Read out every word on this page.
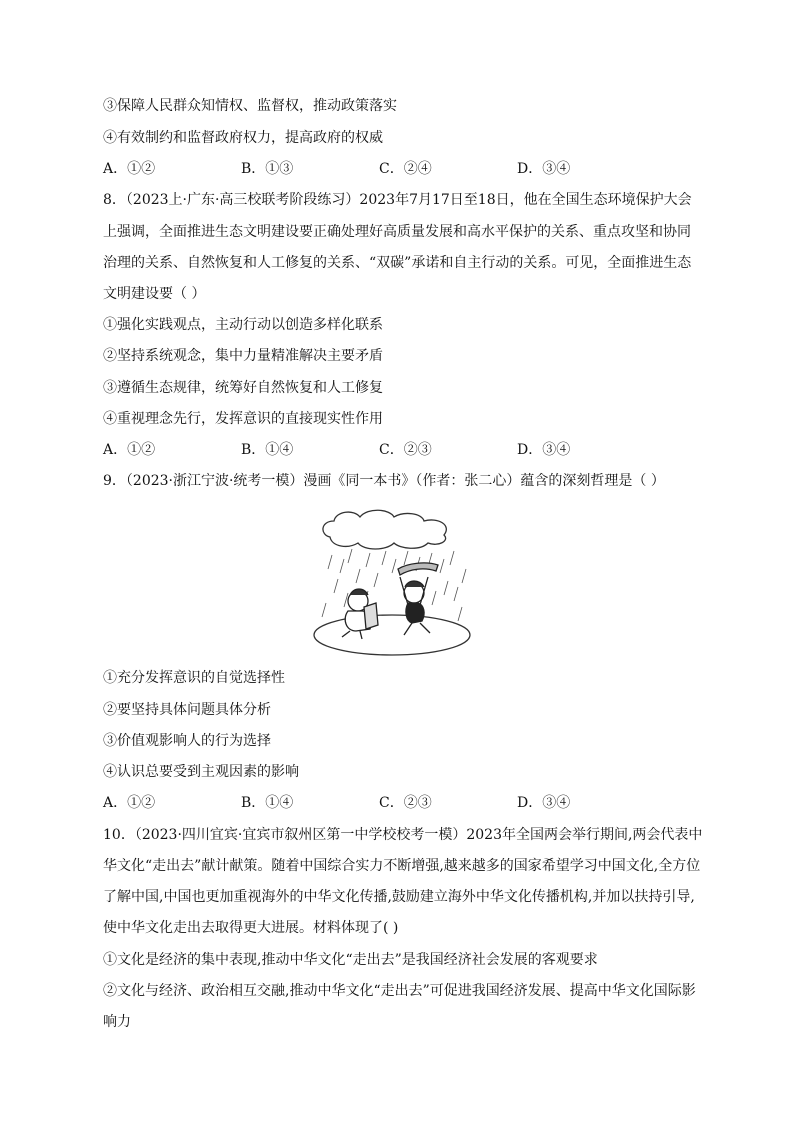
③保障人民群众知情权、监督权，推动政策落实
④有效制约和监督政府权力，提高政府的权威
A．①②	B．①③	C．②④	D．③④
8．（2023上·广东·高三校联考阶段练习）2023年7月17日至18日，他在全国生态环境保护大会
上强调，全面推进生态文明建设要正确处理好高质量发展和高水平保护的关系、重点攻坚和协同
治理的关系、自然恢复和人工修复的关系、“双碳”承诺和自主行动的关系。可见，全面推进生态
文明建设要（ ）
①强化实践观点，主动行动以创造多样化联系
②坚持系统观念，集中力量精准解决主要矛盾
③遵循生态规律，统筹好自然恢复和人工修复
④重视理念先行，发挥意识的直接现实性作用
A．①②	B．①④	C．②③	D．③④
9．（2023·浙江宁波·统考一模）漫画《同一本书》（作者：张二心）蕴含的深刻哲理是（ ）
①充分发挥意识的自觉选择性
②要坚持具体问题具体分析
③价值观影响人的行为选择
④认识总要受到主观因素的影响
A．①②	B．①④	C．②③	D．③④
10．（2023·四川宜宾·宜宾市叙州区第一中学校校考一模）2023年全国两会举行期间,两会代表中
华文化“走出去”献计献策。随着中国综合实力不断增强,越来越多的国家希望学习中国文化,全方位
了解中国,中国也更加重视海外的中华文化传播,鼓励建立海外中华文化传播机构,并加以扶持引导,
使中华文化走出去取得更大进展。材料体现了( )
①文化是经济的集中表现,推动中华文化“走出去”是我国经济社会发展的客观要求
②文化与经济、政治相互交融,推动中华文化“走出去”可促进我国经济发展、提高中华文化国际影
响力
